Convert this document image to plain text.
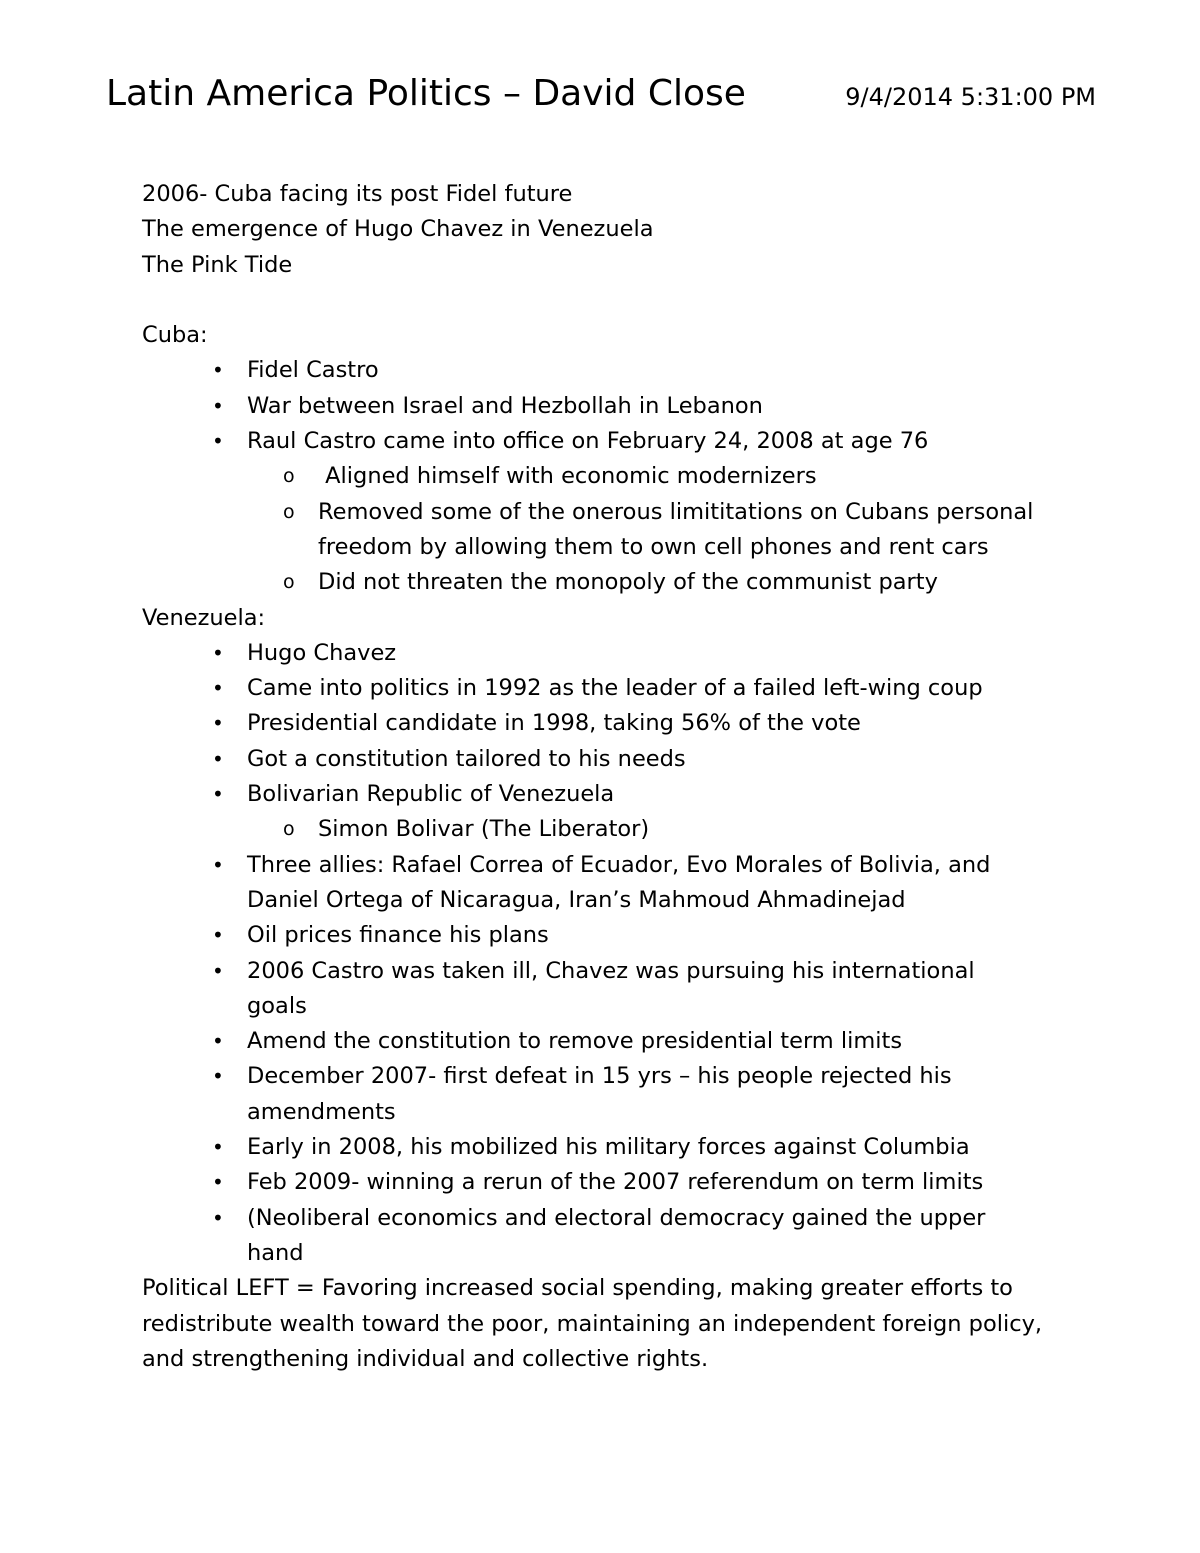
Latin America Politics – David Close	9/4/2014 5:31:00 PM

2006- Cuba facing its post Fidel future

The emergence of Hugo Chavez in Venezuela

The Pink Tide

Cuba:

• Fidel Castro
• War between Israel and Hezbollah in Lebanon
• Raul Castro came into office on February 24, 2008 at age 76
o Aligned himself with economic modernizers
o Removed some of the onerous limititations on Cubans personal freedom by allowing them to own cell phones and rent cars
o Did not threaten the monopoly of the communist party

Venezuela:

• Hugo Chavez
• Came into politics in 1992 as the leader of a failed left-wing coup
• Presidential candidate in 1998, taking 56% of the vote
• Got a constitution tailored to his needs
• Bolivarian Republic of Venezuela
o Simon Bolivar (The Liberator)
• Three allies: Rafael Correa of Ecuador, Evo Morales of Bolivia, and Daniel Ortega of Nicaragua, Iran’s Mahmoud Ahmadinejad
• Oil prices finance his plans
• 2006 Castro was taken ill, Chavez was pursuing his international goals
• Amend the constitution to remove presidential term limits
• December 2007- first defeat in 15 yrs – his people rejected his amendments
• Early in 2008, his mobilized his military forces against Columbia
• Feb 2009- winning a rerun of the 2007 referendum on term limits
• (Neoliberal economics and electoral democracy gained the upper hand

Political LEFT = Favoring increased social spending, making greater efforts to redistribute wealth toward the poor, maintaining an independent foreign policy, and strengthening individual and collective rights.
